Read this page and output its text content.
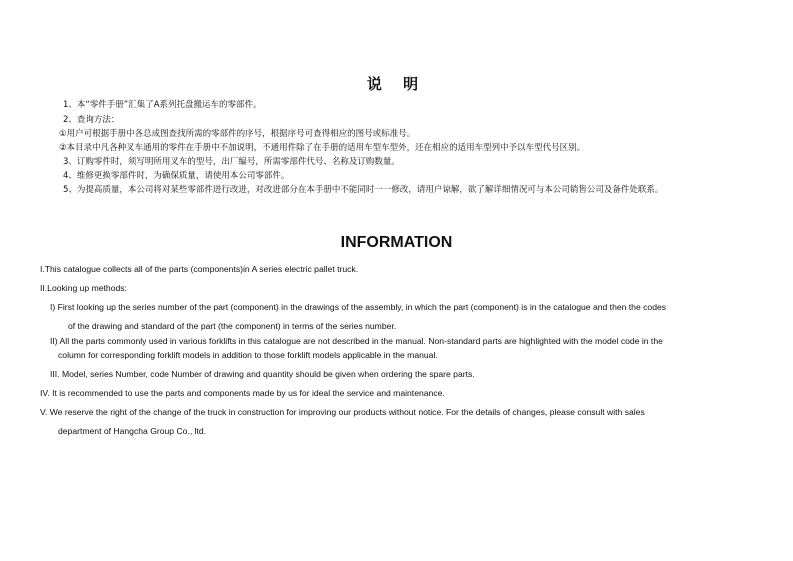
说 明
1、本“零件手册”汇集了A系列托盘搬运车的零部件。
2、查询方法：
①用户可根据手册中各总成图查找所需的零部件的序号，根据序号可查得相应的图号或标准号。
②本目录中凡各种叉车通用的零件在手册中不加说明，不通用件除了在手册的适用车型车型外，还在相应的适用车型列中予以车型代号区别。
3、订购零件时，须写明所用叉车的型号，出厂编号，所需零部件代号、名称及订购数量。
4、维修更换零部件时，为确保质量，请使用本公司零部件。
5、为提高质量，本公司将对某些零部件进行改进，对改进部分在本手册中不能同时一一修改，请用户谅解，欲了解详细情况可与本公司销售公司及备件处联系。
INFORMATION
I.This catalogue collects all of the parts (components)in A series electric pallet truck.
II.Looking up methods:
I) First looking up the series number of the part (component) in the drawings of the assembly, in which the part (component) is in the catalogue and then the codes
of the drawing and standard of the part (the component) in terms of the series number.
II) All the parts commonly used in various forklifts in this catalogue are not described in the manual. Non-standard parts are highlighted with the model code in the
column for corresponding forklift models in addition to those forklift models applicable in the manual.
III. Model, series Number, code Number of drawing and quantity should be given when ordering the spare parts.
IV. It is recommended to use the parts and components made by us for ideal the service and maintenance.
V. We reserve the right of the change of the truck in construction for improving our products without notice. For the details of changes, please consult with sales
department of Hangcha Group Co., ltd.
